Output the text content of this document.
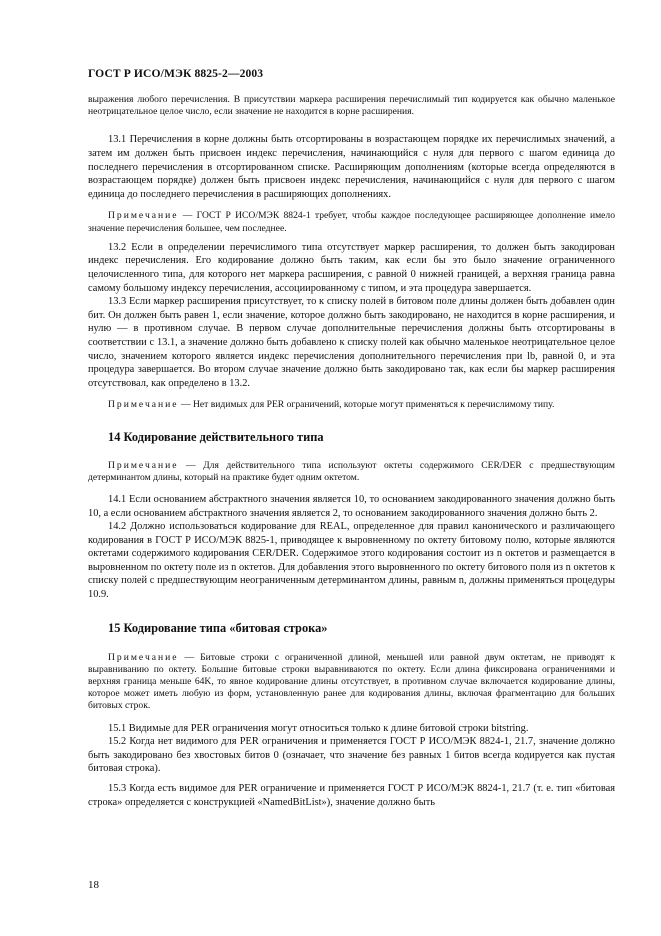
ГОСТ Р ИСО/МЭК 8825-2—2003

выражения любого перечисления. В присутствии маркера расширения перечислимый тип кодируется как обычно маленькое неотрицательное целое число, если значение не находится в корне расширения.

13.1 Перечисления в корне должны быть отсортированы в возрастающем порядке их перечислимых значений, а затем им должен быть присвоен индекс перечисления, начинающийся с нуля для первого с шагом единица до последнего перечисления в отсортированном списке. Расширяющим дополнениям (которые всегда определяются в возрастающем порядке) должен быть присвоен индекс перечисления, начинающийся с нуля для первого с шагом единица до последнего перечисления в расширяющих дополнениях.

Примечание — ГОСТ Р ИСО/МЭК 8824-1 требует, чтобы каждое последующее расширяющее дополнение имело значение перечисления большее, чем последнее.

13.2 Если в определении перечислимого типа отсутствует маркер расширения, то должен быть закодирован индекс перечисления. Его кодирование должно быть таким, как если бы это было значение ограниченного целочисленного типа, для которого нет маркера расширения, с равной 0 нижней границей, а верхняя граница равна самому большому индексу перечисления, ассоциированному с типом, и эта процедура завершается.

13.3 Если маркер расширения присутствует, то к списку полей в битовом поле длины должен быть добавлен один бит. Он должен быть равен 1, если значение, которое должно быть закодировано, не находится в корне расширения, и нулю — в противном случае. В первом случае дополнительные перечисления должны быть отсортированы в соответствии с 13.1, а значение должно быть добавлено к списку полей как обычно маленькое неотрицательное целое число, значением которого является индекс перечисления дополнительного перечисления при lb, равной 0, и эта процедура завершается. Во втором случае значение должно быть закодировано так, как если бы маркер расширения отсутствовал, как определено в 13.2.

Примечание — Нет видимых для PER ограничений, которые могут применяться к перечислимому типу.

14 Кодирование действительного типа

Примечание — Для действительного типа используют октеты содержимого CER/DER с предшествующим детерминантом длины, который на практике будет одним октетом.

14.1 Если основанием абстрактного значения является 10, то основанием закодированного значения должно быть 10, а если основанием абстрактного значения является 2, то основанием закодированного значения должно быть 2.

14.2 Должно использоваться кодирование для REAL, определенное для правил канонического и различающего кодирования в ГОСТ Р ИСО/МЭК 8825-1, приводящее к выровненному по октету битовому полю, которые являются октетами содержимого кодирования CER/DER. Содержимое этого кодирования состоит из n октетов и размещается в выровненном по октету поле из n октетов. Для добавления этого выровненного по октету битового поля из n октетов к списку полей с предшествующим неограниченным детерминантом длины, равным n, должны применяться процедуры 10.9.

15 Кодирование типа «битовая строка»

Примечание — Битовые строки с ограниченной длиной, меньшей или равной двум октетам, не приводят к выравниванию по октету. Большие битовые строки выравниваются по октету. Если длина фиксирована ограничениями и верхняя граница меньше 64K, то явное кодирование длины отсутствует, в противном случае включается кодирование длины, которое может иметь любую из форм, установленную ранее для кодирования длины, включая фрагментацию для больших битовых строк.

15.1 Видимые для PER ограничения могут относиться только к длине битовой строки bitstring.

15.2 Когда нет видимого для PER ограничения и применяется ГОСТ Р ИСО/МЭК 8824-1, 21.7, значение должно быть закодировано без хвостовых битов 0 (означает, что значение без равных 1 битов всегда кодируется как пустая битовая строка).

15.3 Когда есть видимое для PER ограничение и применяется ГОСТ Р ИСО/МЭК 8824-1, 21.7 (т. е. тип «битовая строка» определяется с конструкцией «NamedBitList»), значение должно быть

18
